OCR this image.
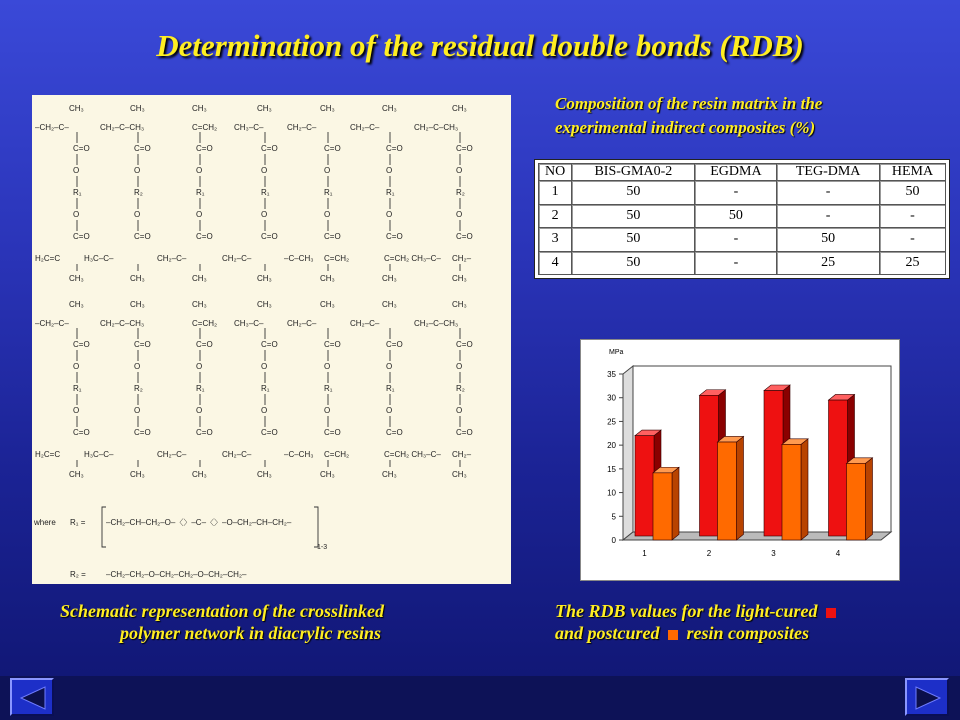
Determination of the residual double bonds (RDB)
CH₃	CH₃	CH₃	CH₃	CH₃	CH₃	CH₃
–CH₂–C–	CH₂–C–CH₃	C=CH₂ CH₃–C–	CH₂–C–	CH₂–C–	CH₂–C–CH₃
C=O
O
R₁
O
C=O
C=O
O
R₂
O
C=O
C=O
O
R₁
O
C=O
C=O
O
R₁
O
C=O
C=O
O
R₁
O
C=O
C=O
O
R₁
O
C=O
C=O
O
R₂
O
C=O
H₂C=C	H₃C–C–	CH₂–C–	CH₂–C–	–C–CH₃ C=CH₂	C=CH₂ CH₃–C– CH₂–
CH₃	CH₃	CH₃	CH₃	CH₃	CH₃	CH₃
CH₃	CH₃	CH₃	CH₃	CH₃	CH₃	CH₃
–CH₂–C–	CH₂–C–CH₃	C=CH₂ CH₃–C–	CH₂–C–	CH₂–C–	CH₂–C–CH₃
C=O
O
R₁
O
C=O
C=O
O
R₂
O
C=O
C=O
O
R₁
O
C=O
C=O
O
R₁
O
C=O
C=O
O
R₁
O
C=O
C=O
O
R₁
O
C=O
C=O
O
R₂
O
C=O
H₂C=C	H₃C–C–	CH₂–C–	CH₂–C–	–C–CH₃ C=CH₂	C=CH₂ CH₃–C– CH₂–
CH₃	CH₃	CH₃	CH₃	CH₃	CH₃	CH₃
where R₁ =	–CH₂–CH–CH₂–O–〈〉–C–〈〉–O–CH₂–CH–CH₂–
1-3
R₂ =	–CH₂–CH₂–O–CH₂–CH₂–O–CH₂–CH₂–
Composition of the resin matrix in the
experimental indirect composites (%)
NO	BIS-GMA0-2	EGDMA	TEG-DMA	HEMA
1	50	-	-	50
2	50	50	-	-
3	50	-	50	-
4	50	-	25	25
0
5
10
15
20
25
30
35
MPa
1	2	3	4
Schematic representation of the crosslinked
polymer network in diacrylic resins
The RDB values for the light-cured
and postcured resin composites
